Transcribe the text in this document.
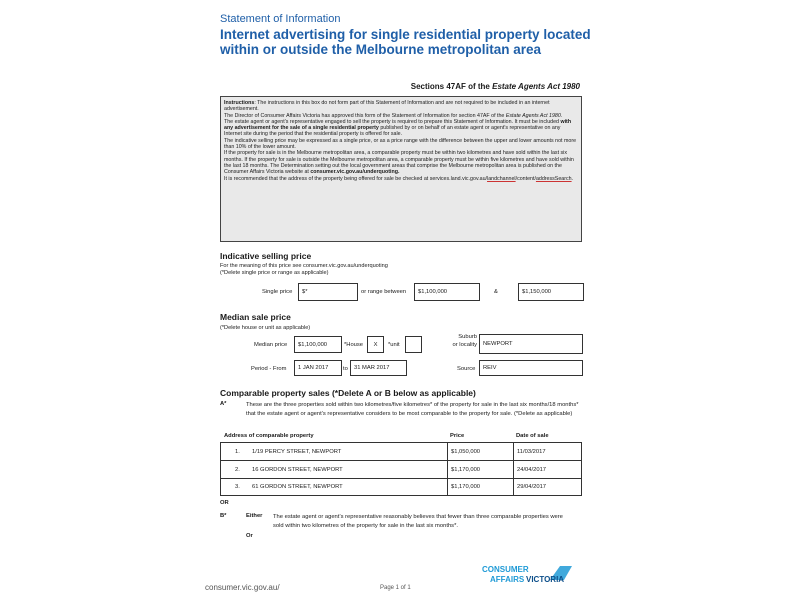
Statement of Information
Internet advertising for single residential property located within or outside the Melbourne metropolitan area
Sections 47AF of the Estate Agents Act 1980

Instructions: The instructions in this box do not form part of this Statement of Information and are not required to be included in an internet advertisement.

The Director of Consumer Affairs Victoria has approved this form of the Statement of Information for section 47AF of the Estate Agents Act 1980.

The estate agent or agent’s representative engaged to sell the property is required to prepare this Statement of Information. It must be included with any advertisement for the sale of a single residential property published by or on behalf of an estate agent or agent’s representative on any Internet site during the period that the residential property is offered for sale.

The indicative selling price may be expressed as a single price, or as a price range with the difference between the upper and lower amounts not more than 10% of the lower amount.

If the property for sale is in the Melbourne metropolitan area, a comparable property must be within two kilometres and have sold within the last six months. If the property for sale is outside the Melbourne metropolitan area, a comparable property must be within five kilometres and have sold within the last 18 months. The Determination setting out the local government areas that comprise the Melbourne metropolitan area is published on the Consumer Affairs Victoria website at consumer.vic.gov.au/underquoting.

It is recommended that the address of the property being offered for sale be checked at services.land.vic.gov.au/landchannel/content/addressSearch.

Indicative selling price
For the meaning of this price see consumer.vic.gov.au/underquoting
(*Delete single price or range as applicable)
Single price	$*	or range between	$1,100,000	&	$1,150,000
Median sale price
(*Delete house or unit as applicable)
Median price	$1,100,000	*House	X	*unit
Suburb
or locality	NEWPORT
Period - From	1 JAN 2017	to	31 MAR 2017	Source	REIV
Comparable property sales (*Delete A or B below as applicable)
A*	These are the three properties sold within two kilometres/five kilometres* of the property for sale in the last six months/18 months* that the estate agent or agent’s representative considers to be most comparable to the property for sale. (*Delete as applicable)
Address of comparable property	Price	Date of sale
1. 1/19 PERCY STREET, NEWPORT	$1,050,000	11/03/2017
2. 16 GORDON STREET, NEWPORT	$1,170,000	24/04/2017
3. 61 GORDON STREET, NEWPORT	$1,170,000	29/04/2017
OR
B*	Either The estate agent or agent’s representative reasonably believes that fewer than three comparable properties were sold within two kilometres of the property for sale in the last six months*.
Or
consumer.vic.gov.au/	Page 1 of 1
CONSUMER
AFFAIRS VICTORIA
